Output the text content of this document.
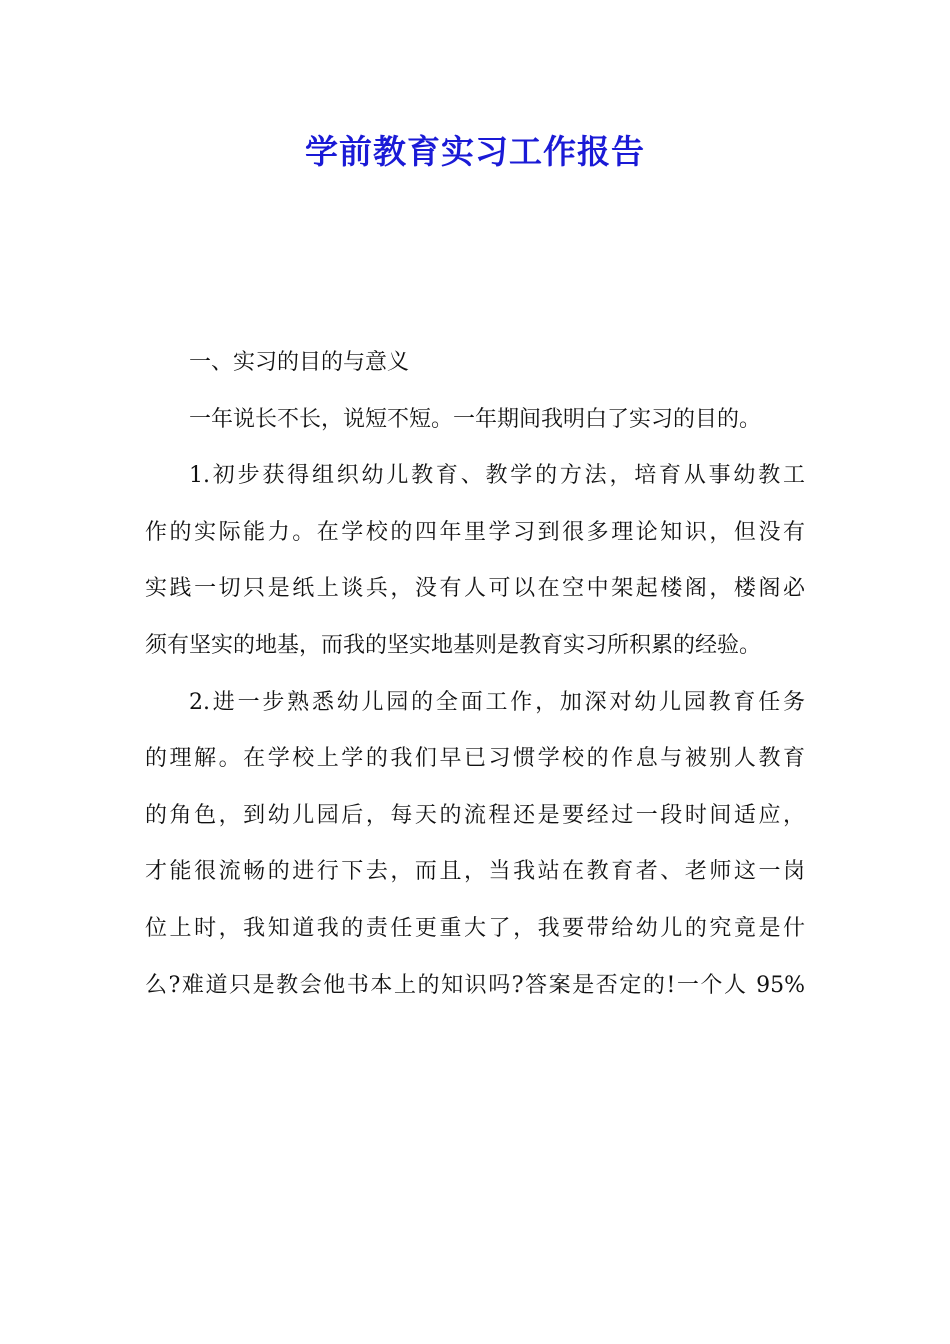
学前教育实习工作报告
一、实习的目的与意义
一年说长不长，说短不短。一年期间我明白了实习的目的。
1.初步获得组织幼儿教育、教学的方法，培育从事幼教工
作的实际能力。在学校的四年里学习到很多理论知识，但没有
实践一切只是纸上谈兵，没有人可以在空中架起楼阁，楼阁必
须有坚实的地基，而我的坚实地基则是教育实习所积累的经验。
2.进一步熟悉幼儿园的全面工作，加深对幼儿园教育任务
的理解。在学校上学的我们早已习惯学校的作息与被别人教育
的角色，到幼儿园后，每天的流程还是要经过一段时间适应，
才能很流畅的进行下去，而且，当我站在教育者、老师这一岗
位上时，我知道我的责任更重大了，我要带给幼儿的究竟是什
么?难道只是教会他书本上的知识吗?答案是否定的!一个人 95%
